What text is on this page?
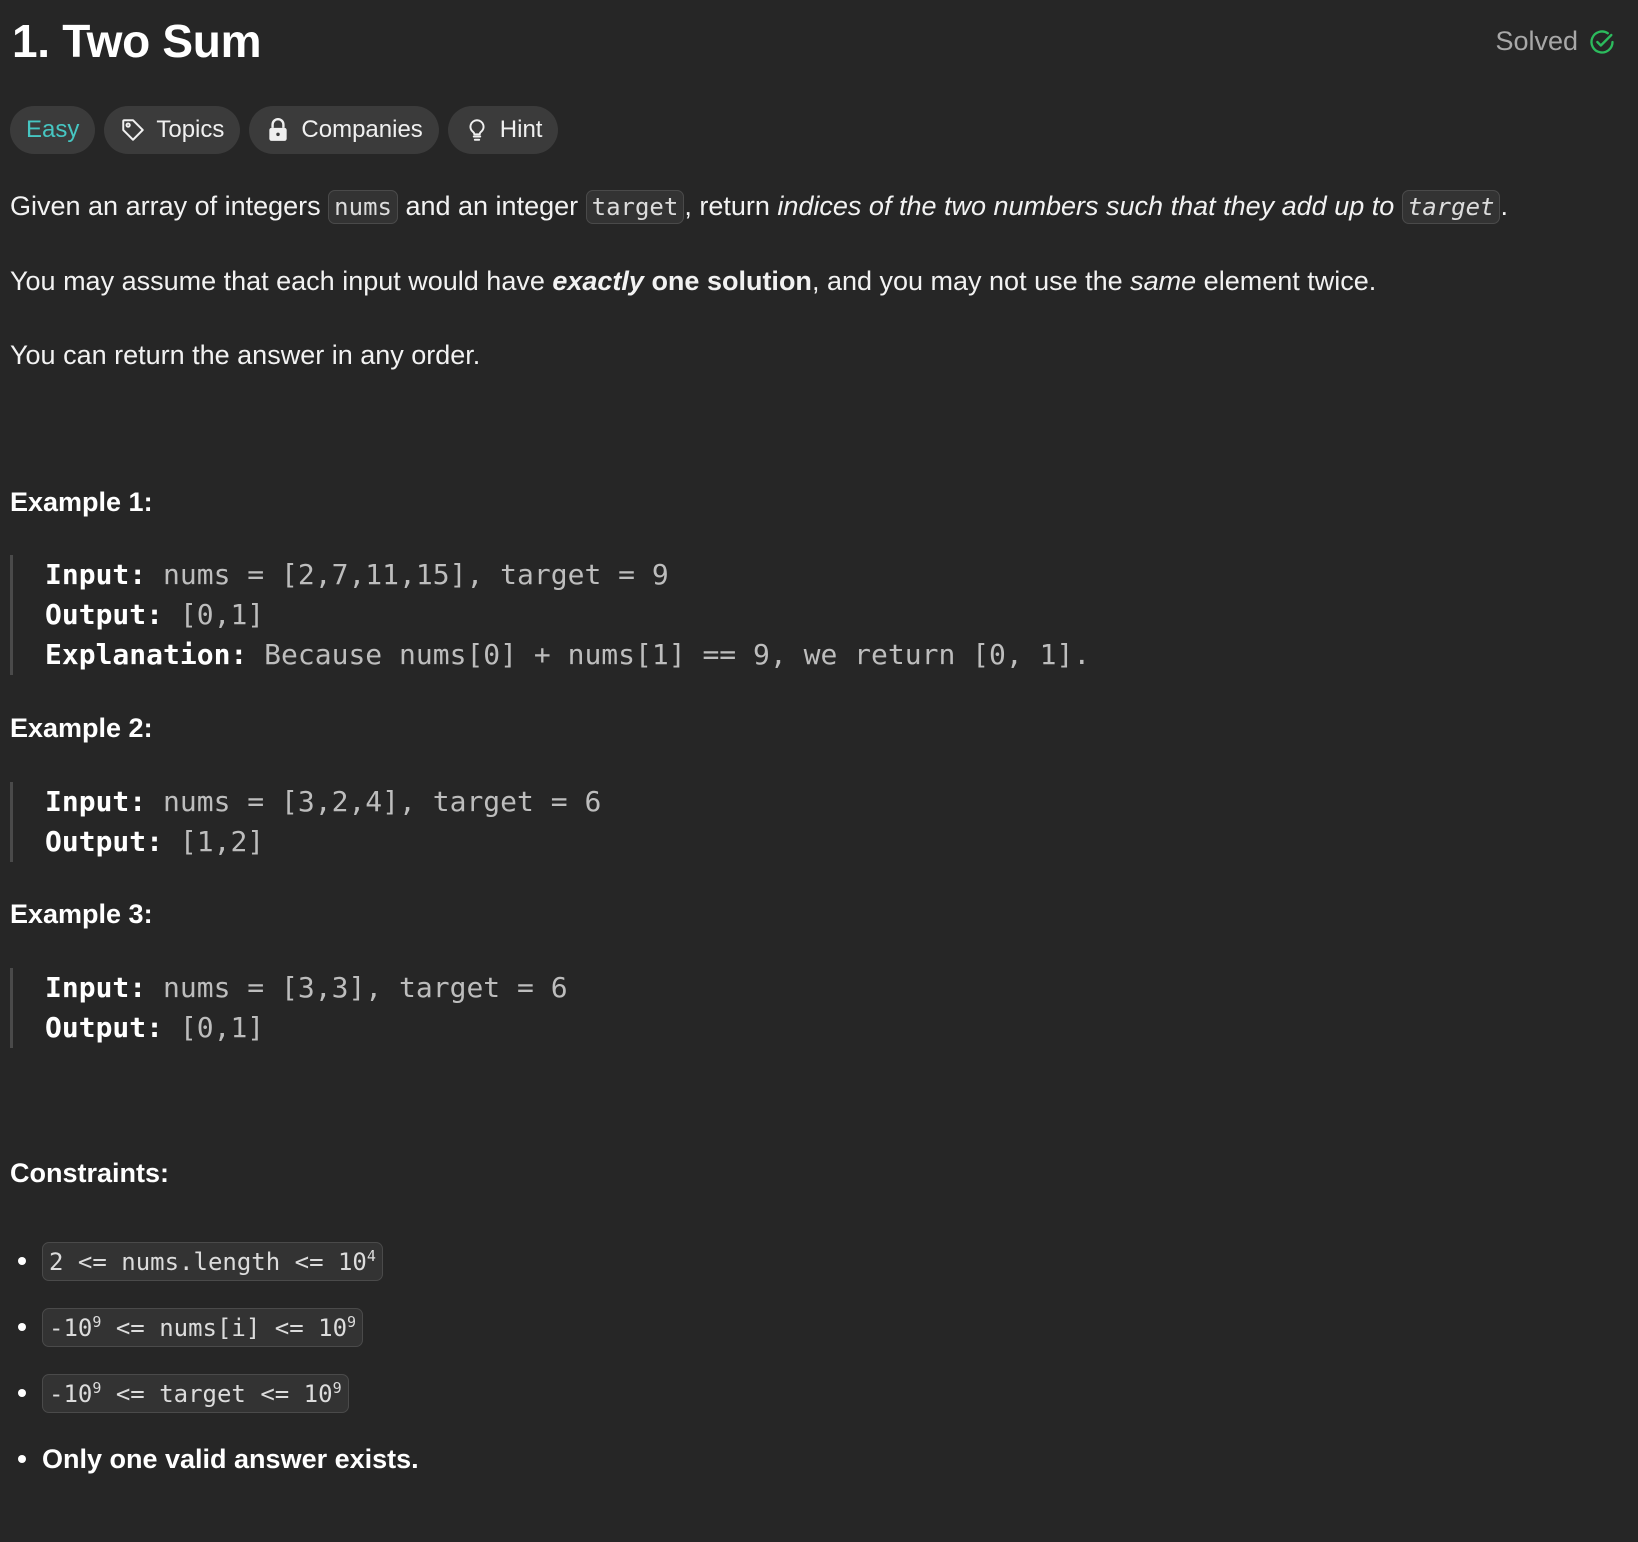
1. Two Sum	Solved
Easy	Topics	Companies	Hint
Given an array of integers nums and an integer target , return indices of the two numbers such that they add up to target .
You may assume that each input would have exactly one solution, and you may not use the same element twice.
You can return the answer in any order.
Example 1:
Input: nums = [2,7,11,15], target = 9
Output: [0,1]
Explanation: Because nums[0] + nums[1] == 9, we return [0, 1].
Example 2:
Input: nums = [3,2,4], target = 6
Output: [1,2]
Example 3:
Input: nums = [3,3], target = 6
Output: [0,1]
Constraints:
2 <= nums.length <= $10^4$
$-10^9$ <= nums[i] <= $10^9$
$-10^9$ <= target <= $10^9$
Only one valid answer exists.
